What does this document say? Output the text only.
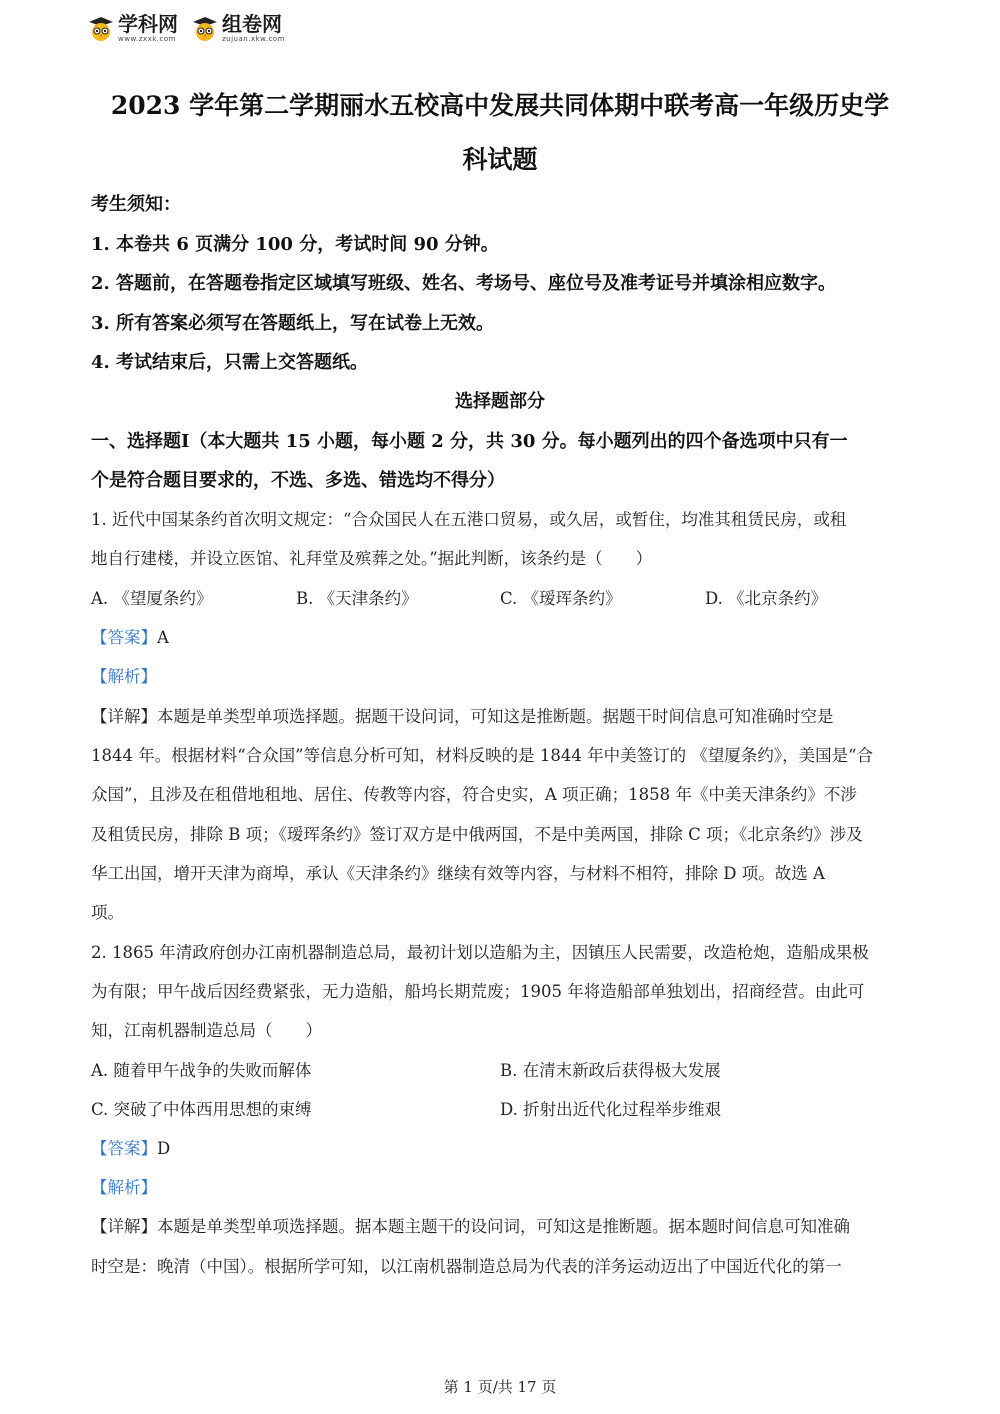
学科网
www.zxxk.com
组卷网
zujuan.xkw.com
2023 学年第二学期丽水五校高中发展共同体期中联考高一年级历史学
科试题
考生须知：
1. 本卷共 6 页满分 100 分，考试时间 90 分钟。
2. 答题前，在答题卷指定区域填写班级、姓名、考场号、座位号及准考证号并填涂相应数字。
3. 所有答案必须写在答题纸上，写在试卷上无效。
4. 考试结束后，只需上交答题纸。
选择题部分
一、选择题Ⅰ（本大题共 15 小题，每小题 2 分，共 30 分。每小题列出的四个备选项中只有一
个是符合题目要求的，不选、多选、错选均不得分）
1. 近代中国某条约首次明文规定：“合众国民人在五港口贸易，或久居，或暂住，均准其租赁民房，或租
地自行建楼，并设立医馆、礼拜堂及殡葬之处。”据此判断，该条约是（　　）
A. 《望厦条约》	B. 《天津条约》	C. 《瑷珲条约》	D. 《北京条约》
【答案】A
【解析】
【详解】本题是单类型单项选择题。据题干设问词，可知这是推断题。据题干时间信息可知准确时空是
1844 年。根据材料“合众国”等信息分析可知，材料反映的是 1844 年中美签订的 《望厦条约》，美国是“合
众国”，且涉及在租借地租地、居住、传教等内容，符合史实，A 项正确；1858 年《中美天津条约》不涉
及租赁民房，排除 B 项；《瑷珲条约》签订双方是中俄两国，不是中美两国，排除 C 项；《北京条约》涉及
华工出国，增开天津为商埠，承认《天津条约》继续有效等内容，与材料不相符，排除 D 项。故选 A
项。
2. 1865 年清政府创办江南机器制造总局，最初计划以造船为主，因镇压人民需要，改造枪炮，造船成果极
为有限；甲午战后因经费紧张，无力造船，船坞长期荒废；1905 年将造船部单独划出，招商经营。由此可
知，江南机器制造总局（　　）
A. 随着甲午战争的失败而解体	B. 在清末新政后获得极大发展
C. 突破了中体西用思想的束缚	D. 折射出近代化过程举步维艰
【答案】D
【解析】
【详解】本题是单类型单项选择题。据本题主题干的设问词，可知这是推断题。据本题时间信息可知准确
时空是：晚清（中国）。根据所学可知，以江南机器制造总局为代表的洋务运动迈出了中国近代化的第一
第 1 页/共 17 页
